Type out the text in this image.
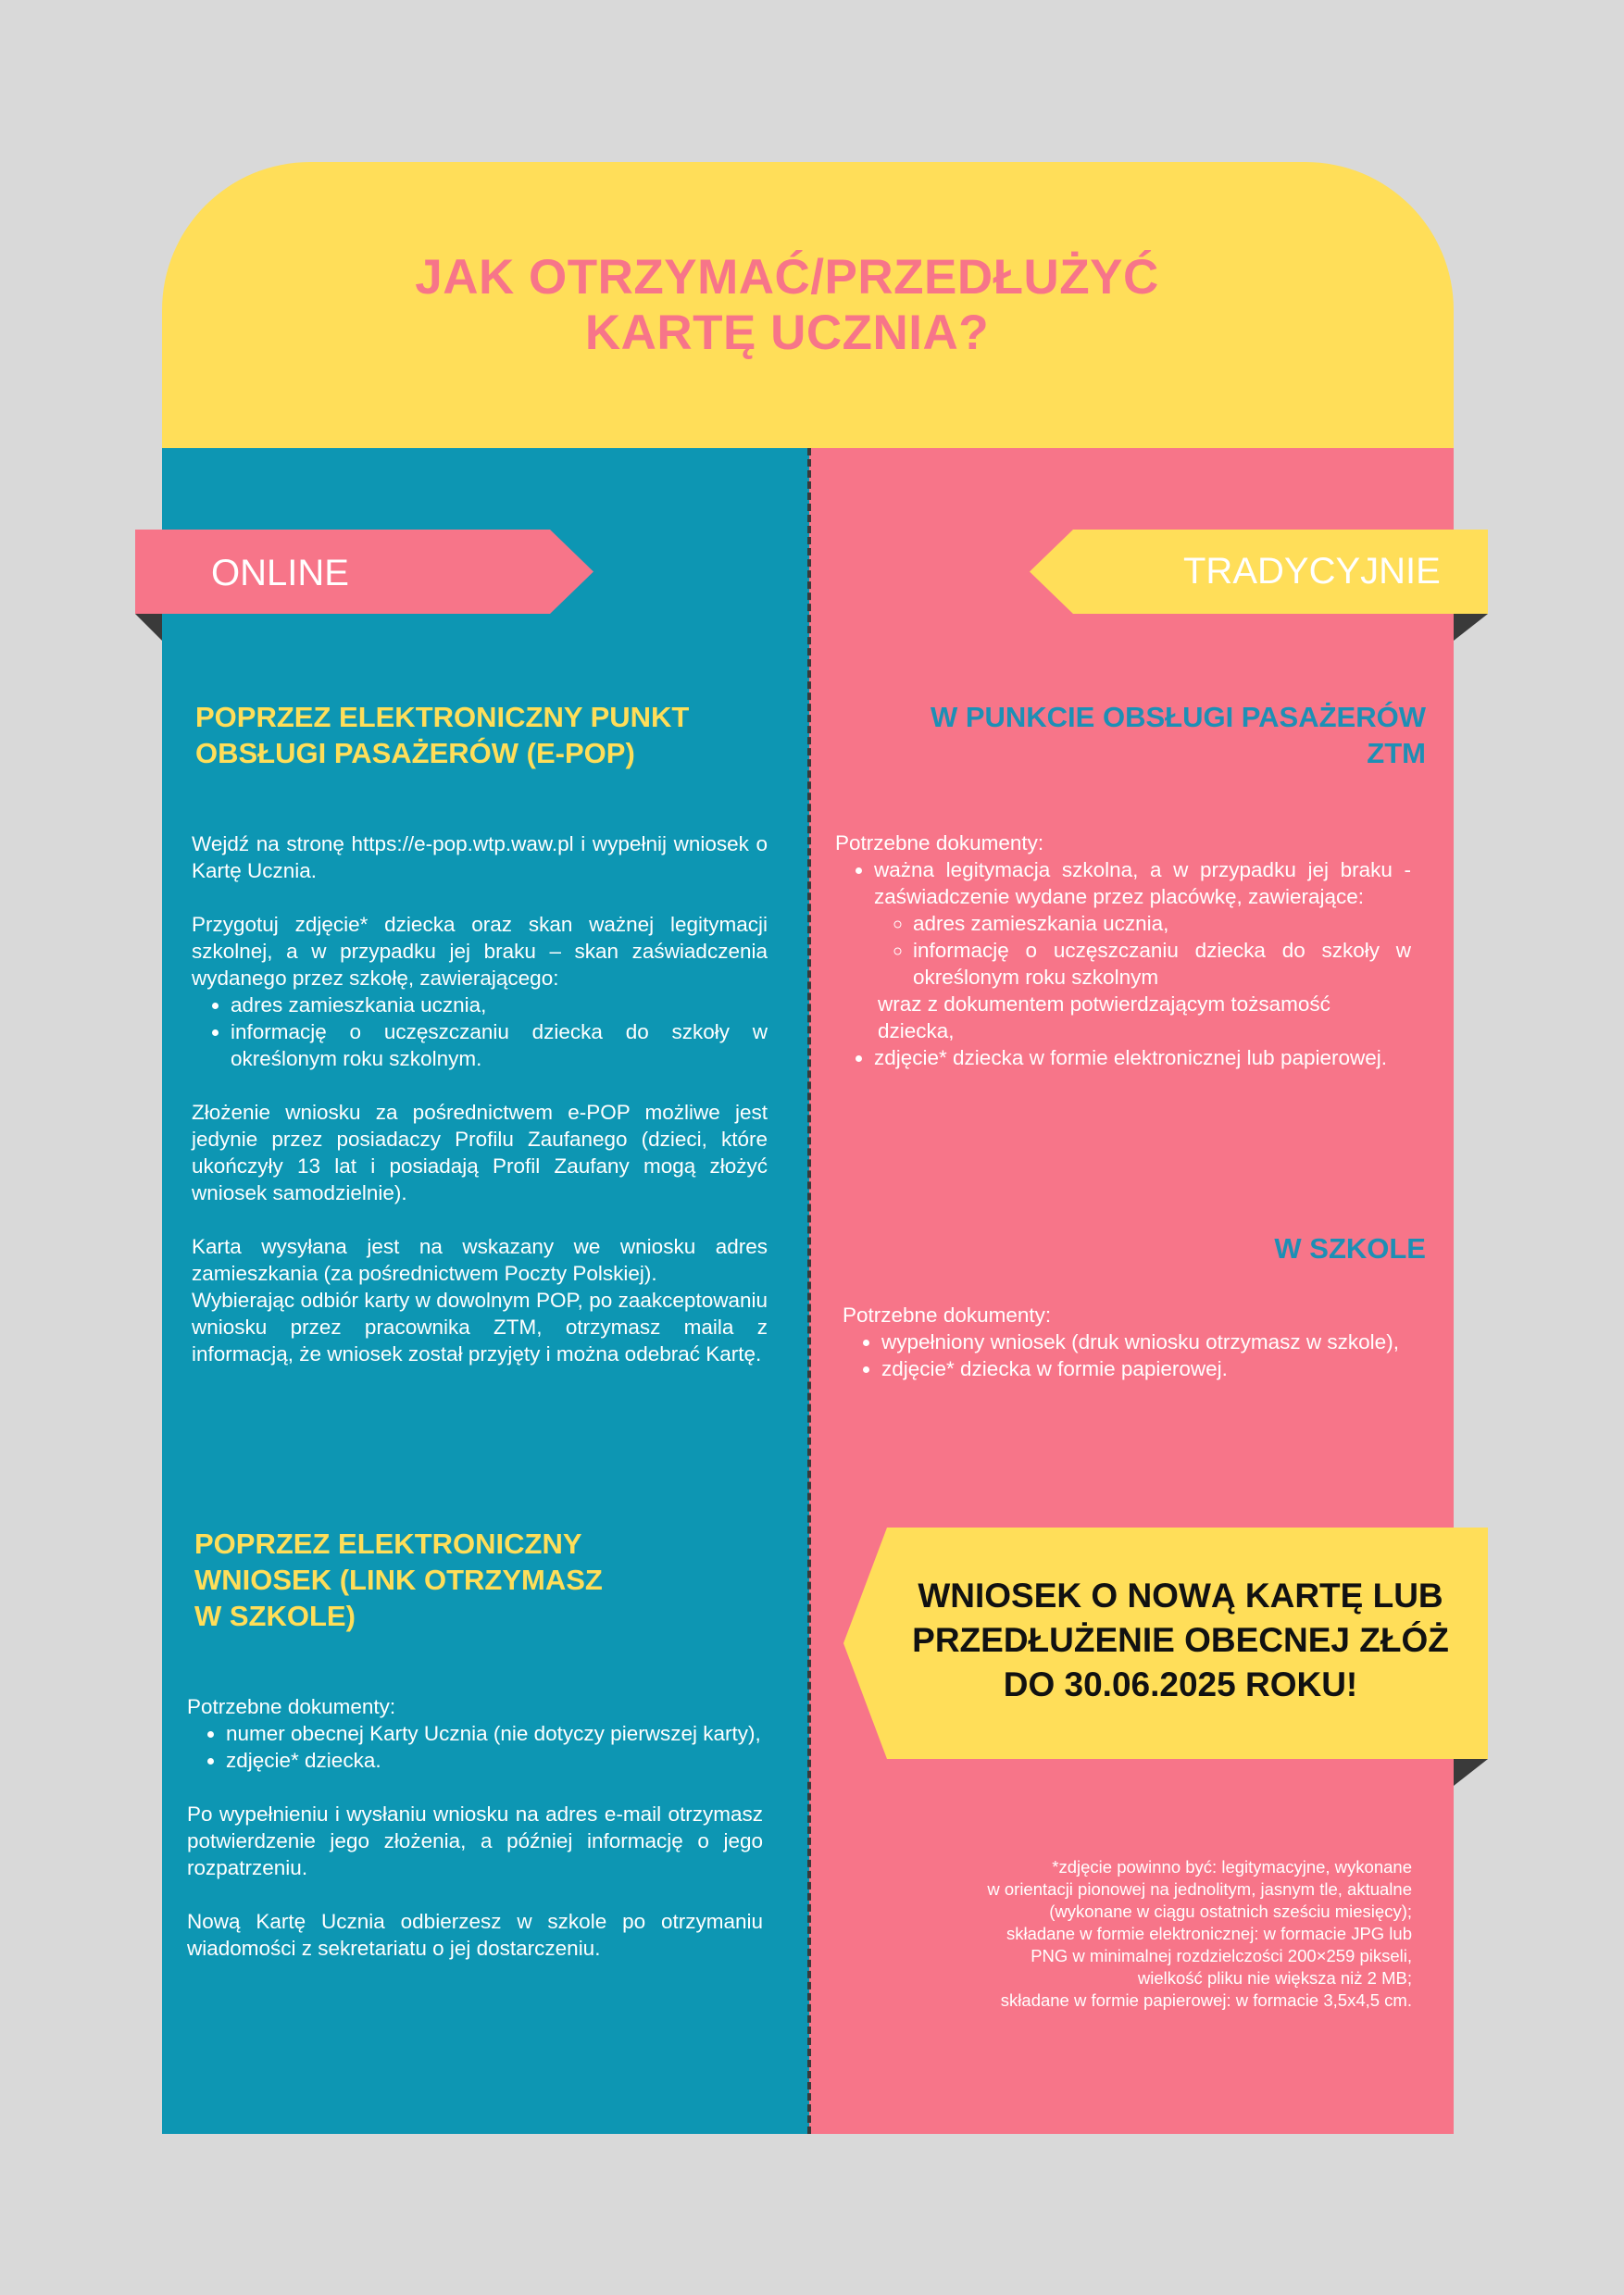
JAK OTRZYMAĆ/PRZEDŁUŻYĆ
KARTĘ UCZNIA?
ONLINE	TRADYCYJNIE
POPRZEZ ELEKTRONICZNY PUNKT
OBSŁUGI PASAŻERÓW (E-POP)

Wejdź na stronę https://e-pop.wtp.waw.pl i wypełnij wniosek o Kartę Ucznia.

Przygotuj zdjęcie* dziecka oraz skan ważnej legitymacji szkolnej, a w przypadku jej braku – skan zaświadczenia wydanego przez szkołę, zawierającego:

• adres zamieszkania ucznia,
• informację o uczęszczaniu dziecka do szkoły w określonym roku szkolnym.

Złożenie wniosku za pośrednictwem e-POP możliwe jest jedynie przez posiadaczy Profilu Zaufanego (dzieci, które ukończyły 13 lat i posiadają Profil Zaufany mogą złożyć wniosek samodzielnie).

Karta wysyłana jest na wskazany we wniosku adres zamieszkania (za pośrednictwem Poczty Polskiej).

Wybierając odbiór karty w dowolnym POP, po zaakceptowaniu wniosku przez pracownika ZTM, otrzymasz maila z informacją, że wniosek został przyjęty i można odebrać Kartę.

POPRZEZ ELEKTRONICZNY
WNIOSEK (LINK OTRZYMASZ
W SZKOLE)

Potrzebne dokumenty:

• numer obecnej Karty Ucznia (nie dotyczy pierwszej karty),
• zdjęcie* dziecka.

Po wypełnieniu i wysłaniu wniosku na adres e-mail otrzymasz potwierdzenie jego złożenia, a później informację o jego rozpatrzeniu.

Nową Kartę Ucznia odbierzesz w szkole po otrzymaniu wiadomości z sekretariatu o jej dostarczeniu.

W PUNKCIE OBSŁUGI PASAŻERÓW
ZTM

Potrzebne dokumenty:

• ważna legitymacja szkolna, a w przypadku jej braku - zaświadczenie wydane przez placówkę, zawierające:
◦ adres zamieszkania ucznia,
◦ informację o uczęszczaniu dziecka do szkoły w określonym roku szkolnym
wraz z dokumentem potwierdzającym tożsamość dziecka,
• zdjęcie* dziecka w formie elektronicznej lub papierowej.
W SZKOLE

Potrzebne dokumenty:

• wypełniony wniosek (druk wniosku otrzymasz w szkole),
• zdjęcie* dziecka w formie papierowej.

WNIOSEK O NOWĄ KARTĘ LUB
PRZEDŁUŻENIE OBECNEJ ZŁÓŻ
DO 30.06.2025 ROKU!

*zdjęcie powinno być: legitymacyjne, wykonane
w orientacji pionowej na jednolitym, jasnym tle, aktualne
(wykonane w ciągu ostatnich sześciu miesięcy);
składane w formie elektronicznej: w formacie JPG lub
PNG w minimalnej rozdzielczości 200×259 pikseli,
wielkość pliku nie większa niż 2 MB;
składane w formie papierowej: w formacie 3,5x4,5 cm.
